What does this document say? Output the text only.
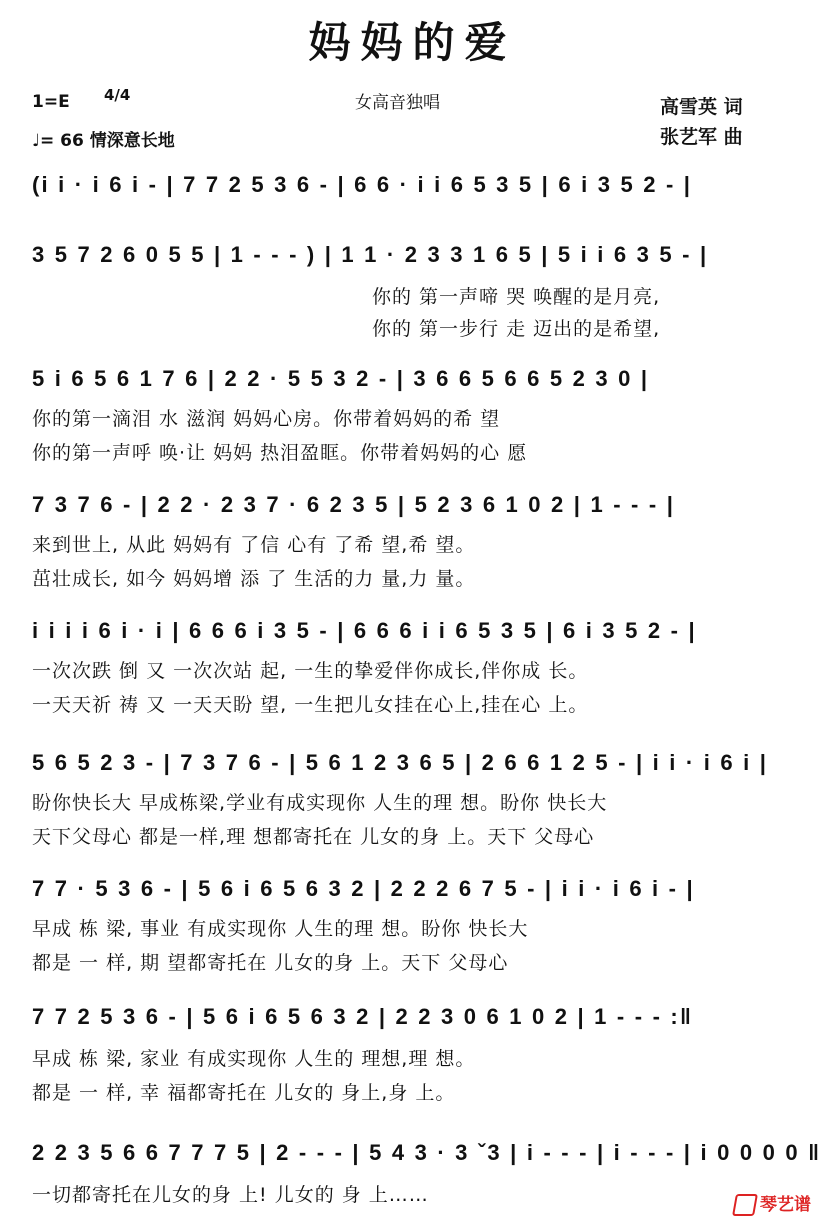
妈妈的爱
女高音独唱
1=E 4/4
♩= 66 情深意长地
高雪英 词
张艺军 曲
(i i · i 6 i - | 7 7 2 5 3 6 - | 6 6 · i i 6 5 3 5 | 6 i 3 5 2 - |
3 5 7 2 6 0 5 5 | 1 - - - ) | 1 1 · 2 3 3 1 6 5 | 5 i i 6 3 5 - |
你的 第一声啼 哭 唤醒的是月亮,
你的 第一步行 走 迈出的是希望,
5 i 6 5 6 1 7 6 | 2 2 · 5 5 3 2 - | 3 6 6 5 6 6 5 2 3 0 |
你的第一滴泪 水 滋润 妈妈心房。你带着妈妈的希 望
你的第一声呼 唤·让 妈妈 热泪盈眶。你带着妈妈的心 愿
7 3 7 6 - | 2 2 · 2 3 7 · 6 2 3 5 | 5 2 3 6 1 0 2 | 1 - - - |
来到世上, 从此 妈妈有 了信 心有 了希 望,希 望。
茁壮成长, 如今 妈妈增 添 了 生活的力 量,力 量。
i i i i 6 i · i | 6 6 6 i 3 5 - | 6 6 6 i i 6 5 3 5 | 6 i 3 5 2 - |
一次次跌 倒 又 一次次站 起, 一生的挚爱伴你成长,伴你成 长。
一天天祈 祷 又 一天天盼 望, 一生把儿女挂在心上,挂在心 上。
5 6 5 2 3 - | 7 3 7 6 - | 5 6 1 2 3 6 5 | 2 6 6 1 2 5 - | i i · i 6 i |
盼你快长大 早成栋梁,学业有成实现你 人生的理 想。盼你 快长大
天下父母心 都是一样,理 想都寄托在 儿女的身 上。天下 父母心
7 7 · 5 3 6 - | 5 6 i 6 5 6 3 2 | 2 2 2 6 7 5 - | i i · i 6 i - |
早成 栋 梁, 事业 有成实现你 人生的理 想。盼你 快长大
都是 一 样, 期 望都寄托在 儿女的身 上。天下 父母心
7 7 2 5 3 6 - | 5 6 i 6 5 6 3 2 | 2 2 3 0 6 1 0 2 | 1 - - - :‖
早成 栋 梁, 家业 有成实现你 人生的 理想,理 想。
都是 一 样, 幸 福都寄托在 儿女的 身上,身 上。
2 2 3 5 6 6 7 7 7 5 | 2 - - - | 5 4 3 · 3 ˇ3 | i - - - | i - - - | i 0 0 0 0 ‖
一切都寄托在儿女的身 上! 儿女的 身 上……	琴艺谱
